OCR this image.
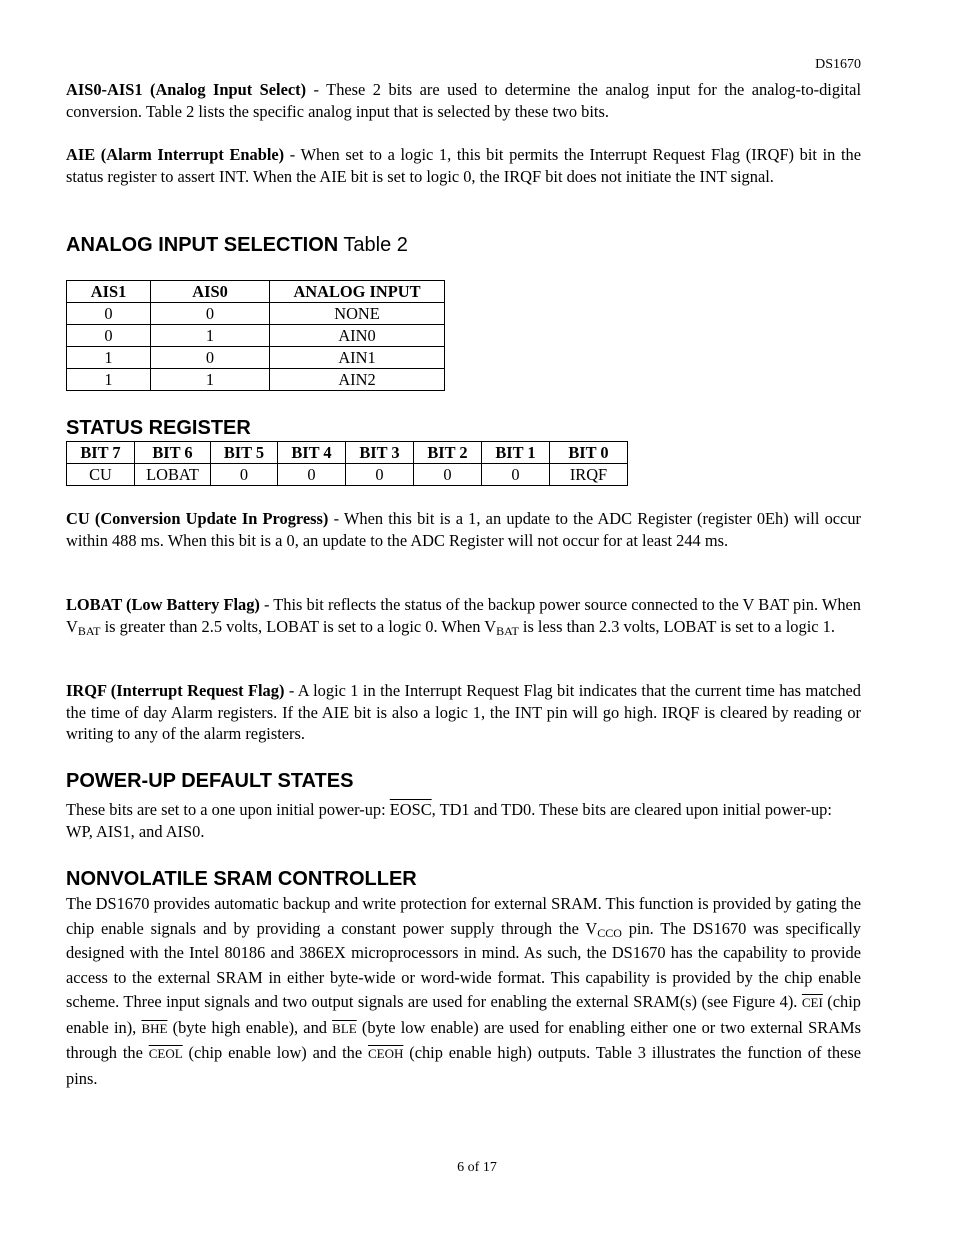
DS1670

AIS0-AIS1 (Analog Input Select) - These 2 bits are used to determine the analog input for the analog-to-digital conversion. Table 2 lists the specific analog input that is selected by these two bits.

AIE (Alarm Interrupt Enable) - When set to a logic 1, this bit permits the Interrupt Request Flag (IRQF) bit in the status register to assert INT. When the AIE bit is set to logic 0, the IRQF bit does not initiate the INT signal.

ANALOG INPUT SELECTION Table 2
AIS1	AIS0	ANALOG INPUT
0	0	NONE
0	1	AIN0
1	0	AIN1
1	1	AIN2
STATUS REGISTER
BIT 7	BIT 6	BIT 5	BIT 4	BIT 3	BIT 2	BIT 1	BIT 0
CU	LOBAT	0	0	0	0	0	IRQF

CU (Conversion Update In Progress) - When this bit is a 1, an update to the ADC Register (register 0Eh) will occur within 488 ms. When this bit is a 0, an update to the ADC Register will not occur for at least 244 ms.

LOBAT (Low Battery Flag) - This bit reflects the status of the backup power source connected to the V BAT pin. When $V_{BAT}$ is greater than 2.5 volts, LOBAT is set to a logic 0. When $V_{BAT}$ is less than 2.3 volts, LOBAT is set to a logic 1.

IRQF (Interrupt Request Flag) - A logic 1 in the Interrupt Request Flag bit indicates that the current time has matched the time of day Alarm registers. If the AIE bit is also a logic 1, the INT pin will go high. IRQF is cleared by reading or writing to any of the alarm registers.

POWER-UP DEFAULT STATES

These bits are set to a one upon initial power-up: EOSC, TD1 and TD0. These bits are cleared upon initial power-up: WP, AIS1, and AIS0.

NONVOLATILE SRAM CONTROLLER

The DS1670 provides automatic backup and write protection for external SRAM. This function is provided by gating the chip enable signals and by providing a constant power supply through the $V_{CCO}$ pin. The DS1670 was specifically designed with the Intel 80186 and 386EX microprocessors in mind. As such, the DS1670 has the capability to provide access to the external SRAM in either byte-wide or word-wide format. This capability is provided by the chip enable scheme. Three input signals and two output signals are used for enabling the external SRAM(s) (see Figure 4). $\overline{CEI}$ (chip enable in), $\overline{BHE}$ (byte high enable), and $\overline{BLE}$ (byte low enable) are used for enabling either one or two external SRAMs through the CEOL (chip enable low) and the CEOH (chip enable high) outputs. Table 3 illustrates the function of these pins.

6 of 17
